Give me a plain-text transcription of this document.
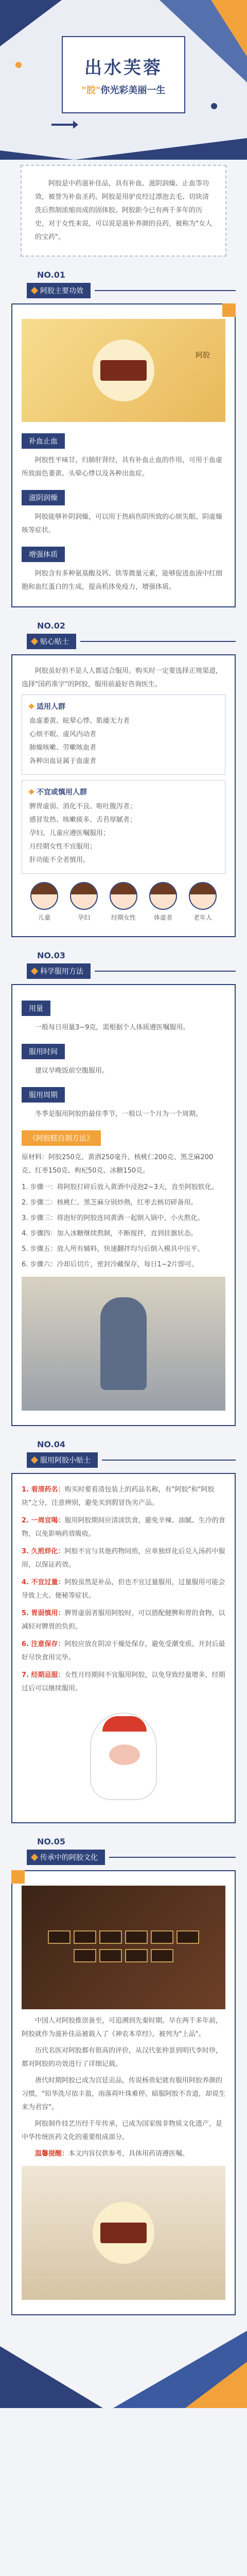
出水芙蓉
"胶"你光彩美丽一生
阿胶是中药滋补佳品，具有补血、滋阴润燥、止血等功效，被誉为补血圣药。阿胶是用驴皮经过漂泡去毛、切块清洗后熬制浓缩而成的固体胶。阿胶距今已有两千多年的历史，对于女性来说，可以说是滋补养颜的良药，被称为"女人的宝药"。
NO.01
阿胶主要功效
阿胶
补血止血

阿胶性平味甘，归肺肝肾经，具有补血止血的作用，可用于血虚所致面色萎黄、头晕心悸以及各种出血症。

滋阴润燥

阿胶能够补阴润燥，可以用于热病伤阴所致的心烦失眠、阴虚燥咳等症状。

增强体质

阿胶含有多种氨基酸及钙、铁等微量元素，能够促进血液中红细胞和血红蛋白的生成，提高机体免疫力，增强体质。

NO.02
贴心贴士

阿胶虽好但不是人人都适合服用。购买时一定要选择正规渠道，选择"国药准字"的阿胶，服用前最好咨询医生。

适用人群

血虚萎黄、眩晕心悸、肌痿无力者

心烦不眠、虚风内动者

肺燥咳嗽、劳嗽咳血者

各种出血证属于血虚者

不宜或慎用人群

脾胃虚弱、消化不良、呕吐腹泻者；

感冒发热、咳嗽痰多、舌苔厚腻者；

孕妇、儿童应遵医嘱服用；

月经期女性不宜服用；

肝功能不全者慎用。

儿童	孕妇	经期女性	体虚者	老年人
NO.03
科学服用方法
用量

一般每日用量3~9克，需根据个人体质遵医嘱服用。

服用时间

建议早晚饭前空腹服用。

服用周期

冬季是服用阿胶的最佳季节，一般以一个月为一个周期。

《阿胶糕自制方法》

原材料：阿胶250克、黄酒250毫升、核桃仁200克、黑芝麻200克、红枣150克、枸杞50克、冰糖150克。

1. 步骤一：将阿胶打碎后放入黄酒中浸泡2~3天，直至阿胶软化。

2. 步骤二：核桃仁、黑芝麻分别炒熟，红枣去核切碎备用。

3. 步骤三：将泡好的阿胶连同黄酒一起倒入锅中，小火熬化。

4. 步骤四：加入冰糖继续熬制，不断搅拌，直到挂旗状态。

5. 步骤五：放入所有辅料，快速翻拌均匀后倒入模具中压平。

6. 步骤六：冷却后切片，密封冷藏保存，每日1~2片即可。

NO.04
服用阿胶小贴士

1. 看清药名：购买时要看清包装上的药品名称，有"阿胶"和"阿胶块"之分，注意辨别，避免买到假冒伪劣产品。

2. 一周宜喝：服用阿胶期间应清淡饮食，避免辛辣、油腻、生冷的食物，以免影响药效吸收。

3. 久煎烊化：阿胶不宜与其他药物同煎，应单独烊化后兑入汤药中服用，以保证药效。

4. 不宜过量：阿胶虽然是补品，但也不宜过量服用，过量服用可能会导致上火、便秘等症状。

5. 胃弱慎用：脾胃虚弱者服用阿胶时，可以搭配健脾和胃的食物，以减轻对脾胃的负担。

6. 注意保存：阿胶应放在阴凉干燥处保存，避免受潮变质。开封后最好尽快食用完毕。

7. 经期忌服：女性月经期间不宜服用阿胶，以免导致经量增多，经期过后可以继续服用。

NO.05
传承中的阿胶文化

中国人对阿胶推崇备至，可追溯到先秦时期。早在两千多年前，阿胶就作为滋补佳品被载入了《神农本草经》，被列为"上品"。

历代名医对阿胶都有很高的评价，从汉代张仲景到明代李时珍，都对阿胶的功效进行了详细记载。

唐代时期阿胶已成为宫廷贡品，传说杨贵妃就有服用阿胶养颜的习惯，"铅华洗尽依丰盈，雨落荷叶珠难停。暗服阿胶不肯道，却说生来为君容"。

阿胶制作技艺历经千年传承，已成为国家级非物质文化遗产，是中华传统医药文化的重要组成部分。

温馨提醒：本文内容仅供参考，具体用药请遵医嘱。
